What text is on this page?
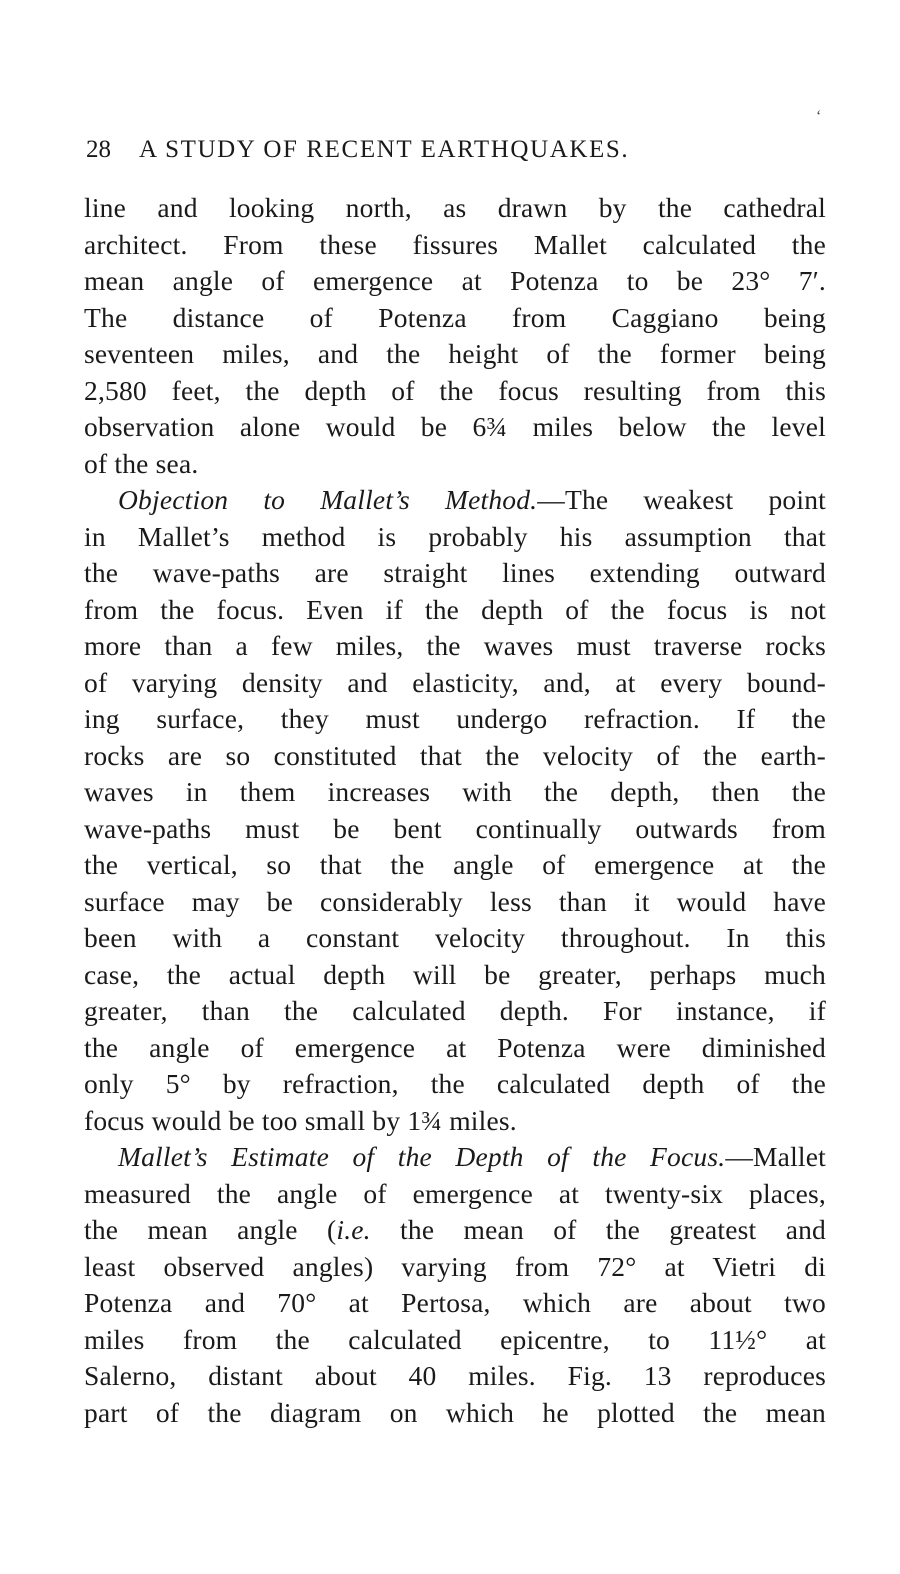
28 A STUDY OF RECENT EARTHQUAKES.
‘
line and looking north, as drawn by the cathedral
architect. From these fissures Mallet calculated the
mean angle of emergence at Potenza to be 23° 7′.
The distance of Potenza from Caggiano being
seventeen miles, and the height of the former being
2,580 feet, the depth of the focus resulting from this
observation alone would be 6¾ miles below the level
of the sea.
Objection to Mallet’s Method.—The weakest point
in Mallet’s method is probably his assumption that
the wave-paths are straight lines extending outward
from the focus. Even if the depth of the focus is not
more than a few miles, the waves must traverse rocks
of varying density and elasticity, and, at every bound-
ing surface, they must undergo refraction. If the
rocks are so constituted that the velocity of the earth-
waves in them increases with the depth, then the
wave-paths must be bent continually outwards from
the vertical, so that the angle of emergence at the
surface may be considerably less than it would have
been with a constant velocity throughout. In this
case, the actual depth will be greater, perhaps much
greater, than the calculated depth. For instance, if
the angle of emergence at Potenza were diminished
only 5° by refraction, the calculated depth of the
focus would be too small by 1¾ miles.
Mallet’s Estimate of the Depth of the Focus.—Mallet
measured the angle of emergence at twenty-six places,
the mean angle (i.e. the mean of the greatest and
least observed angles) varying from 72° at Vietri di
Potenza and 70° at Pertosa, which are about two
miles from the calculated epicentre, to 11½° at
Salerno, distant about 40 miles. Fig. 13 reproduces
part of the diagram on which he plotted the mean
